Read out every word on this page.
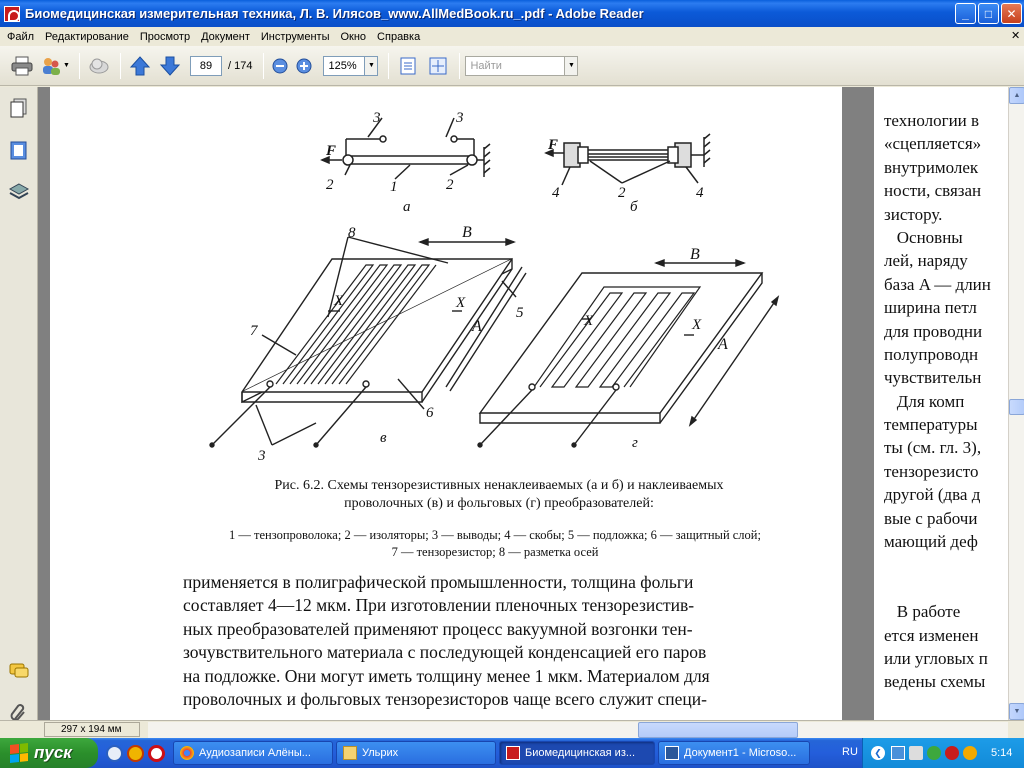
Биомедицинская измерительная техника, Л. В. Илясов_www.AllMedBook.ru_.pdf - Adobe Reader	_	□	✕
Файл	Редактирование	Просмотр	Документ	Инструменты	Окно	Справка	✕
▼	89	/ 174	125%	▼	Найти	▼
3	3
F
2	1	2
а
F
4	2	4
б
8	B
X	X
5
7	A
6
3
в
B
X	X
A
г
Рис. 6.2. Схемы тензорезистивных ненаклеиваемых (а и б) и наклеиваемых
проволочных (в) и фольговых (г) преобразователей:
1 — тензопроволока; 2 — изоляторы; 3 — выводы; 4 — скобы; 5 — подложка; 6 — защитный слой;
7 — тензорезистор; 8 — разметка осей
применяется в полиграфической промышленности, толщина фольги
составляет 4—12 мкм. При изготовлении пленочных тензорезистив-
ных преобразователей применяют процесс вакуумной возгонки тен-
зочувствительного материала с последующей конденсацией его паров
на подложке. Они могут иметь толщину менее 1 мкм. Материалом для
проволочных и фольговых тензорезисторов чаще всего служит специ-
технологии в
«сцепляется»
внутримолек
ности, связан
зистору.
Основны
лей, наряду
база A — длин
ширина петл
для проводни
полупроводн
чувствительн
Для комп
температуры
ты (см. гл. 3),
тензорезисто
другой (два д
вые с рабочи
мающий деф
В работе
ется изменен
или угловых п
ведены схемы
▲
▼
297 x 194 мм
пуск	Аудиозаписи Алёны...	Ульрих	Биомедицинская из...	Документ1 - Microso...	RU	❮	5:14
